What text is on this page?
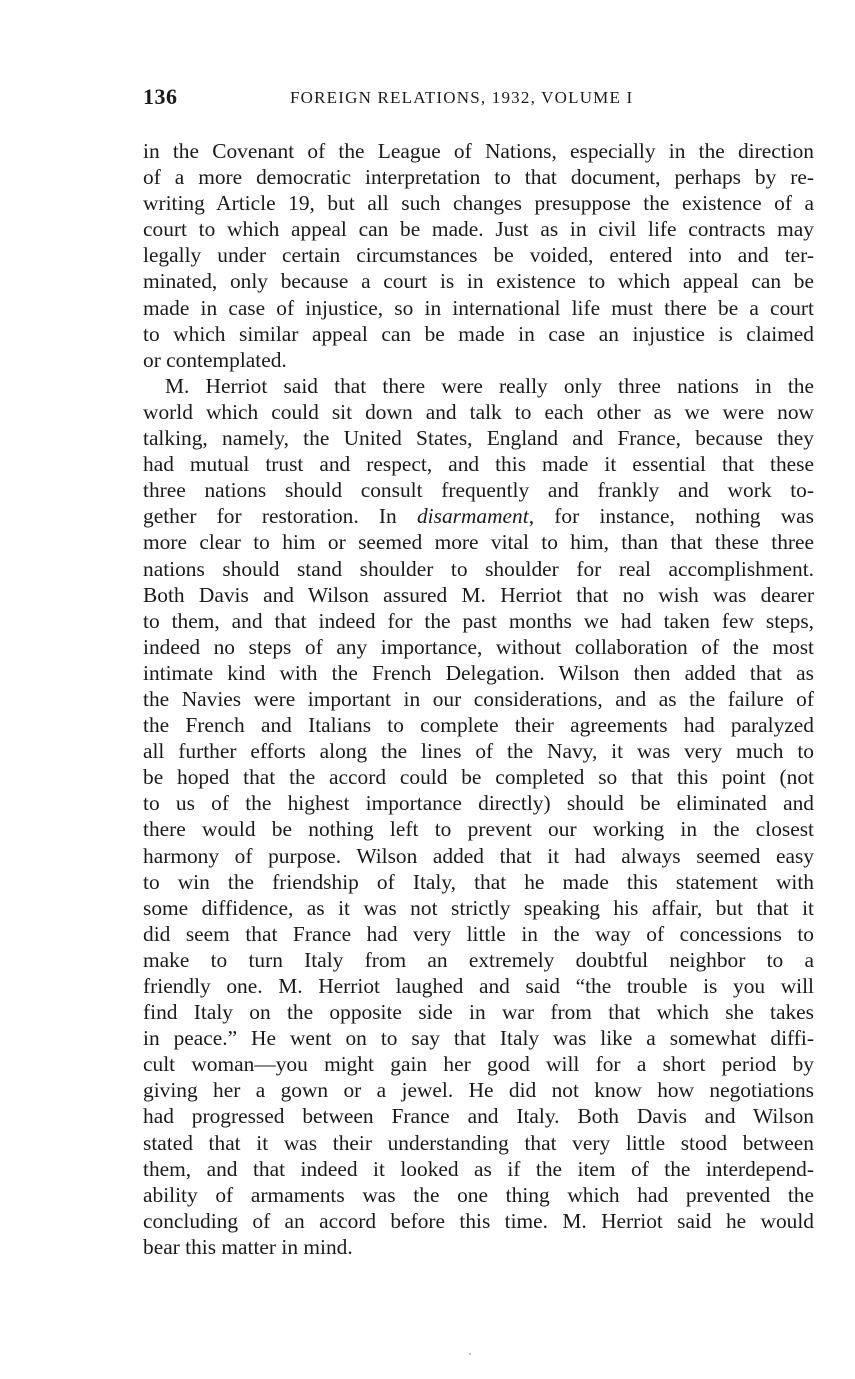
136	FOREIGN RELATIONS, 1932, VOLUME I

in the Covenant of the League of Nations, especially in the direction
of a more democratic interpretation to that document, perhaps by re-
writing Article 19, but all such changes presuppose the existence of a
court to which appeal can be made. Just as in civil life contracts may
legally under certain circumstances be voided, entered into and ter-
minated, only because a court is in existence to which appeal can be
made in case of injustice, so in international life must there be a court
to which similar appeal can be made in case an injustice is claimed
or contemplated.

M. Herriot said that there were really only three nations in the
world which could sit down and talk to each other as we were now
talking, namely, the United States, England and France, because they
had mutual trust and respect, and this made it essential that these
three nations should consult frequently and frankly and work to-
gether for restoration. In disarmament, for instance, nothing was
more clear to him or seemed more vital to him, than that these three
nations should stand shoulder to shoulder for real accomplishment.
Both Davis and Wilson assured M. Herriot that no wish was dearer
to them, and that indeed for the past months we had taken few steps,
indeed no steps of any importance, without collaboration of the most
intimate kind with the French Delegation. Wilson then added that as
the Navies were important in our considerations, and as the failure of
the French and Italians to complete their agreements had paralyzed
all further efforts along the lines of the Navy, it was very much to
be hoped that the accord could be completed so that this point (not
to us of the highest importance directly) should be eliminated and
there would be nothing left to prevent our working in the closest
harmony of purpose. Wilson added that it had always seemed easy
to win the friendship of Italy, that he made this statement with
some diffidence, as it was not strictly speaking his affair, but that it
did seem that France had very little in the way of concessions to
make to turn Italy from an extremely doubtful neighbor to a
friendly one. M. Herriot laughed and said “the trouble is you will
find Italy on the opposite side in war from that which she takes
in peace.” He went on to say that Italy was like a somewhat diffi-
cult woman—you might gain her good will for a short period by
giving her a gown or a jewel. He did not know how negotiations
had progressed between France and Italy. Both Davis and Wilson
stated that it was their understanding that very little stood between
them, and that indeed it looked as if the item of the interdepend-
ability of armaments was the one thing which had prevented the
concluding of an accord before this time. M. Herriot said he would
bear this matter in mind.
